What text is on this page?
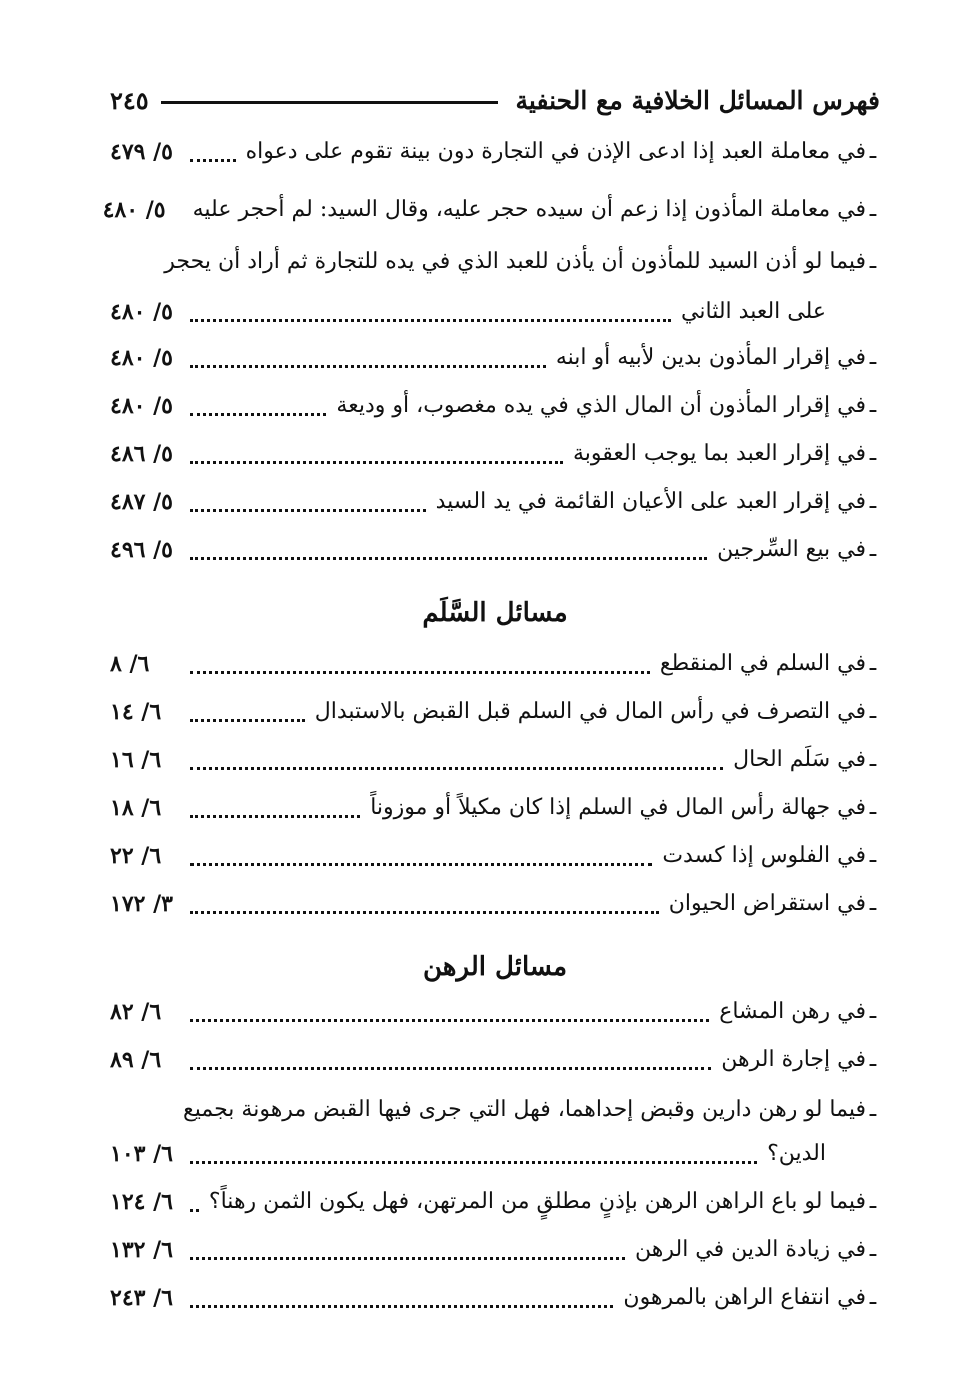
فهرس المسائل الخلافية مع الحنفية
٢٤٥
ـ
في معاملة العبد إذا ادعى الإذن في التجارة دون بينة تقوم على دعواه
٥/ ٤٧٩
ـ
في معاملة المأذون إذا زعم أن سيده حجر عليه، وقال السيد: لم أحجر عليه
٥/ ٤٨٠
ـ
فيما لو أذن السيد للمأذون أن يأذن للعبد الذي في يده للتجارة ثم أراد أن يحجر
على العبد الثاني
٥/ ٤٨٠
ـ
في إقرار المأذون بدين لأبيه أو ابنه
٥/ ٤٨٠
ـ
في إقرار المأذون أن المال الذي في يده مغصوب، أو وديعة
٥/ ٤٨٠
ـ
في إقرار العبد بما يوجب العقوبة
٥/ ٤٨٦
ـ
في إقرار العبد على الأعيان القائمة في يد السيد
٥/ ٤٨٧
ـ
في بيع السِّرجين
٥/ ٤٩٦
مسائل السَّلَم
ـ
في السلم في المنقطع
٦/ ٨
ـ
في التصرف في رأس المال في السلم قبل القبض بالاستبدال
٦/ ١٤
ـ
في سَلَم الحال
٦/ ١٦
ـ
في جهالة رأس المال في السلم إذا كان مكيلاً أو موزوناً
٦/ ١٨
ـ
في الفلوس إذا كسدت
٦/ ٢٢
ـ
في استقراض الحيوان
٣/ ١٧٢
مسائل الرهن
ـ
في رهن المشاع
٦/ ٨٢
ـ
في إجارة الرهن
٦/ ٨٩
ـ
فيما لو رهن دارين وقبض إحداهما، فهل التي جرى فيها القبض مرهونة بجميع
الدين؟
٦/ ١٠٣
ـ
فيما لو باع الراهن الرهن بإذنٍ مطلقٍ من المرتهن، فهل يكون الثمن رهناً؟
٦/ ١٢٤
ـ
في زيادة الدين في الرهن
٦/ ١٣٢
ـ
في انتفاع الراهن بالمرهون
٦/ ٢٤٣
